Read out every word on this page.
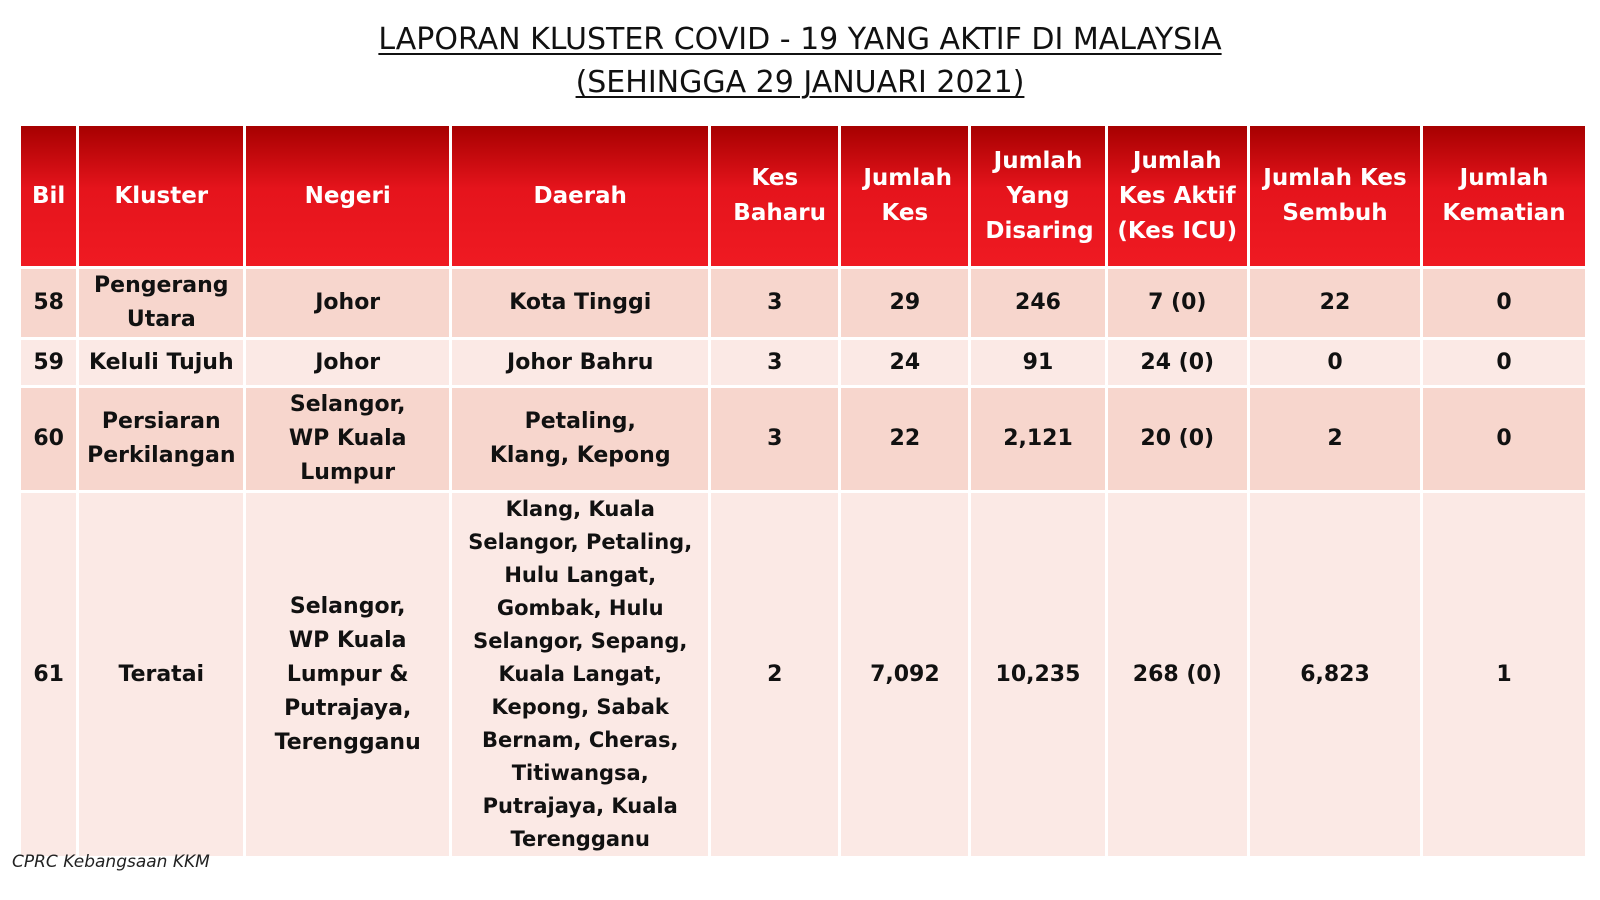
LAPORAN KLUSTER COVID - 19 YANG AKTIF DI MALAYSIA
(SEHINGGA 29 JANUARI 2021)
Bil	Kluster	Negeri	Daerah	Kes Baharu	Jumlah Kes	Jumlah Yang Disaring	Jumlah Kes Aktif (Kes ICU)	Jumlah Kes Sembuh	Jumlah Kematian
58	Pengerang Utara	Johor	Kota Tinggi	3	29	246	7 (0)	22	0
59	Keluli Tujuh	Johor	Johor Bahru	3	24	91	24 (0)	0	0
60	Persiaran Perkilangan	Selangor, WP Kuala Lumpur	Petaling, Klang, Kepong	3	22	2,121	20 (0)	2	0
61	Teratai	Selangor, WP Kuala Lumpur & Putrajaya, Terengganu	Klang, Kuala Selangor, Petaling, Hulu Langat, Gombak, Hulu Selangor, Sepang, Kuala Langat, Kepong, Sabak Bernam, Cheras, Titiwangsa, Putrajaya, Kuala Terengganu	2	7,092	10,235	268 (0)	6,823	1
CPRC Kebangsaan KKM
